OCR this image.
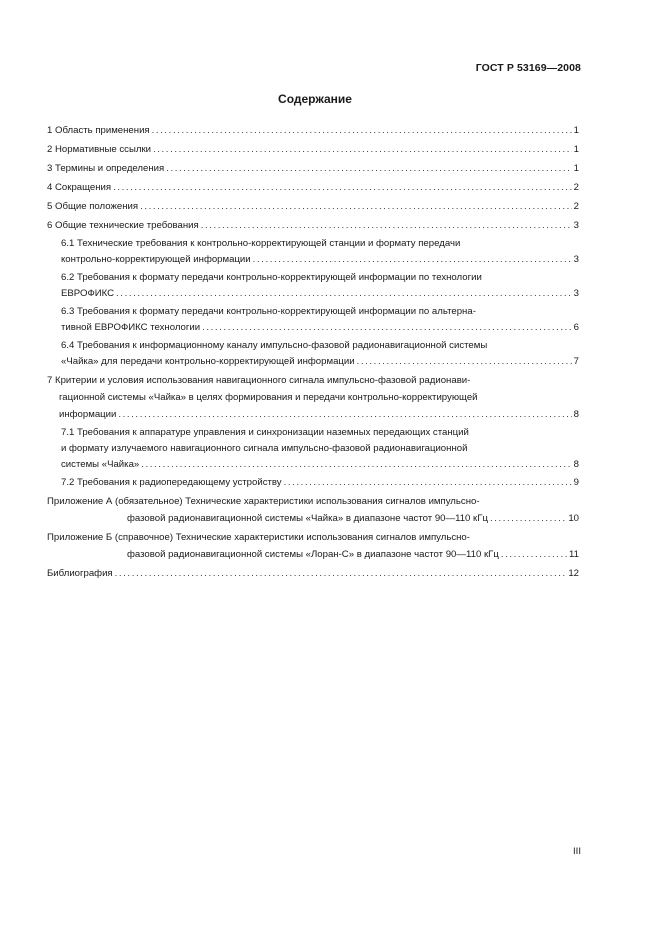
ГОСТ Р 53169—2008
Содержание
1 Область применения .....	1
2 Нормативные ссылки .....	1
3 Термины и определения .....	1
4 Сокращения .....	2
5 Общие положения .....	2
6 Общие технические требования .....	3
6.1 Технические требования к контрольно-корректирующей станции и формату передачи
контрольно-корректирующей информации .....	3
6.2 Требования к формату передачи контрольно-корректирующей информации по технологии
ЕВРОФИКС .....	3
6.3 Требования к формату передачи контрольно-корректирующей информации по альтерна-
тивной ЕВРОФИКС технологии .....	6
6.4 Требования к информационному каналу импульсно-фазовой радионавигационной системы
«Чайка» для передачи контрольно-корректирующей информации .....	7
7 Критерии и условия использования навигационного сигнала импульсно-фазовой радионави-
гационной системы «Чайка» в целях формирования и передачи контрольно-корректирующей
информации .....	8
7.1 Требования к аппаратуре управления и синхронизации наземных передающих станций
и формату излучаемого навигационного сигнала импульсно-фазовой радионавигационной
системы «Чайка» .....	8
7.2 Требования к радиопередающему устройству .....	9
Приложение А (обязательное) Технические характеристики использования сигналов импульсно-
фазовой радионавигационной системы «Чайка» в диапазоне частот 90—110 кГц .....	10
Приложение Б (справочное) Технические характеристики использования сигналов импульсно-
фазовой радионавигационной системы «Лоран-С» в диапазоне частот 90—110 кГц .....	11
Библиография .....	12
III
